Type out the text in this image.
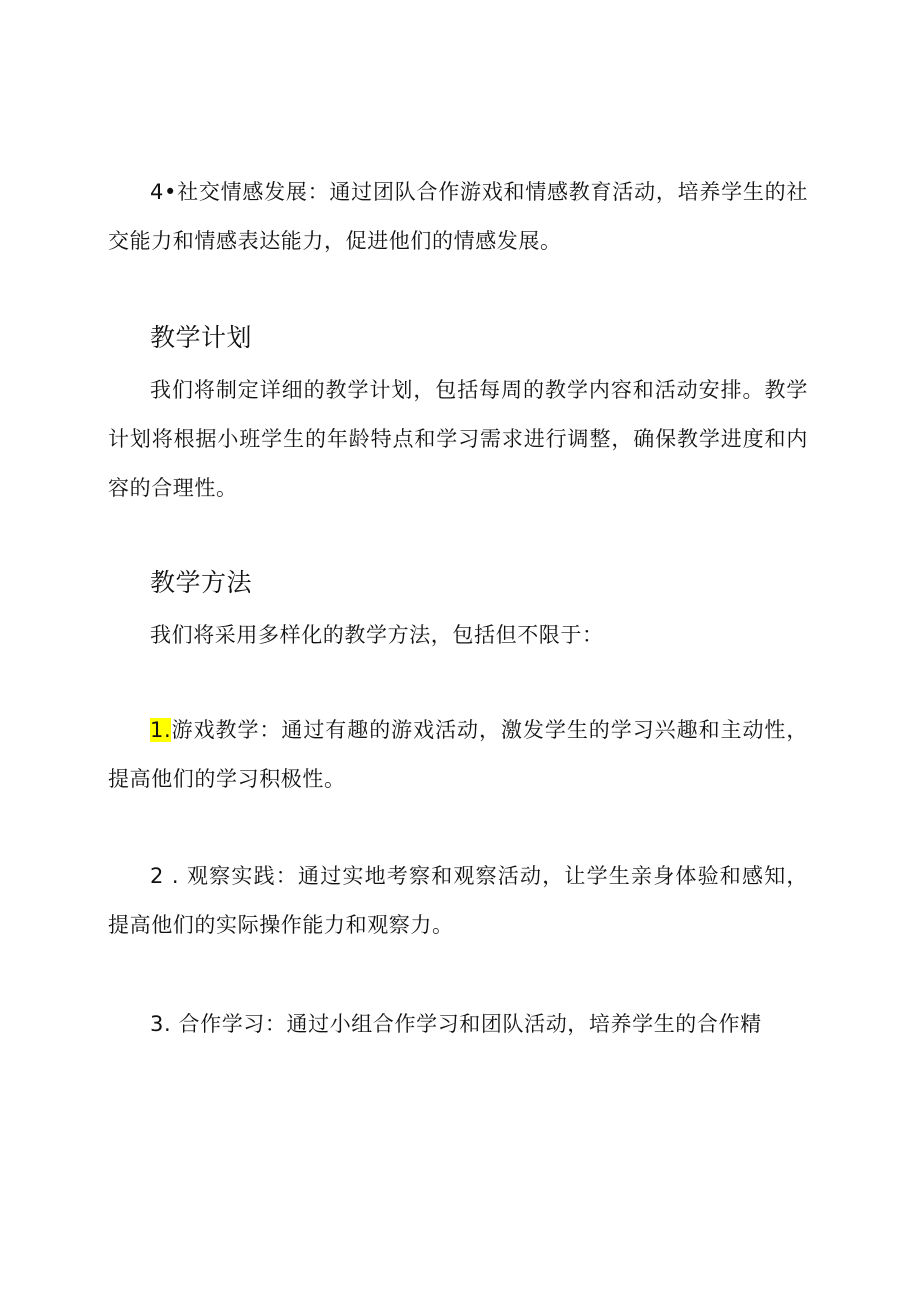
4•社交情感发展：通过团队合作游戏和情感教育活动，培养学生的社交能力和情感表达能力，促进他们的情感发展。

教学计划

我们将制定详细的教学计划，包括每周的教学内容和活动安排。教学计划将根据小班学生的年龄特点和学习需求进行调整，确保教学进度和内容的合理性。

教学方法

我们将采用多样化的教学方法，包括但不限于：

1.游戏教学：通过有趣的游戏活动，激发学生的学习兴趣和主动性，提高他们的学习积极性。

2 . 观察实践：通过实地考察和观察活动，让学生亲身体验和感知，提高他们的实际操作能力和观察力。

3. 合作学习：通过小组合作学习和团队活动，培养学生的合作精
